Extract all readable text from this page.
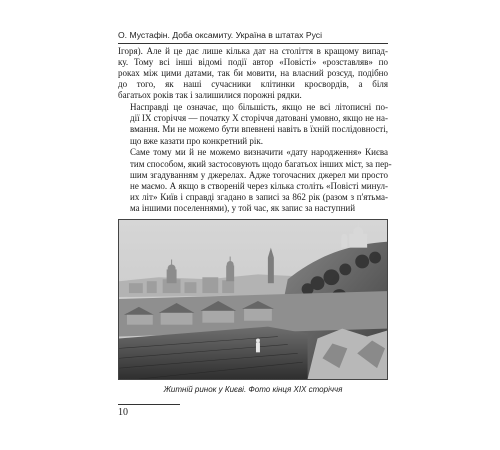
О. Мустафін. Доба оксамиту. Україна в штатах Русі

Ігоря). Але й це дає лише кілька дат на століття в кращому випад-
ку. Тому всі інші відомі події автор «Повісті» «розставляв» по
роках між цими датами, так би мовити, на власний розсуд, подібно
до того, як наші сучасники клітинки кросвордів, а біля
багатьох років так і залишилися порожні рядки.

Насправді це означає, що більшість, якщо не всі літописні по-
дії IX сторіччя — початку X сторіччя датовані умовно, якщо не на-
вмання. Ми не можемо бути впевнені навіть в їхній послідовності,
що вже казати про конкретний рік.

Саме тому ми й не можемо визначити «дату народження» Києва
тим способом, який застосовують щодо багатьох інших міст, за пер-
шим згадуванням у джерелах. Адже тогочасних джерел ми просто
не маємо. А якщо в створеній через кілька століть «Повісті минул-
их літ» Київ і справді згадано в записі за 862 рік (разом з п'ятьма-
ма іншими поселеннями), у той час, як запис за наступний

Житній ринок у Києві. Фото кінця XIX сторіччя
10
